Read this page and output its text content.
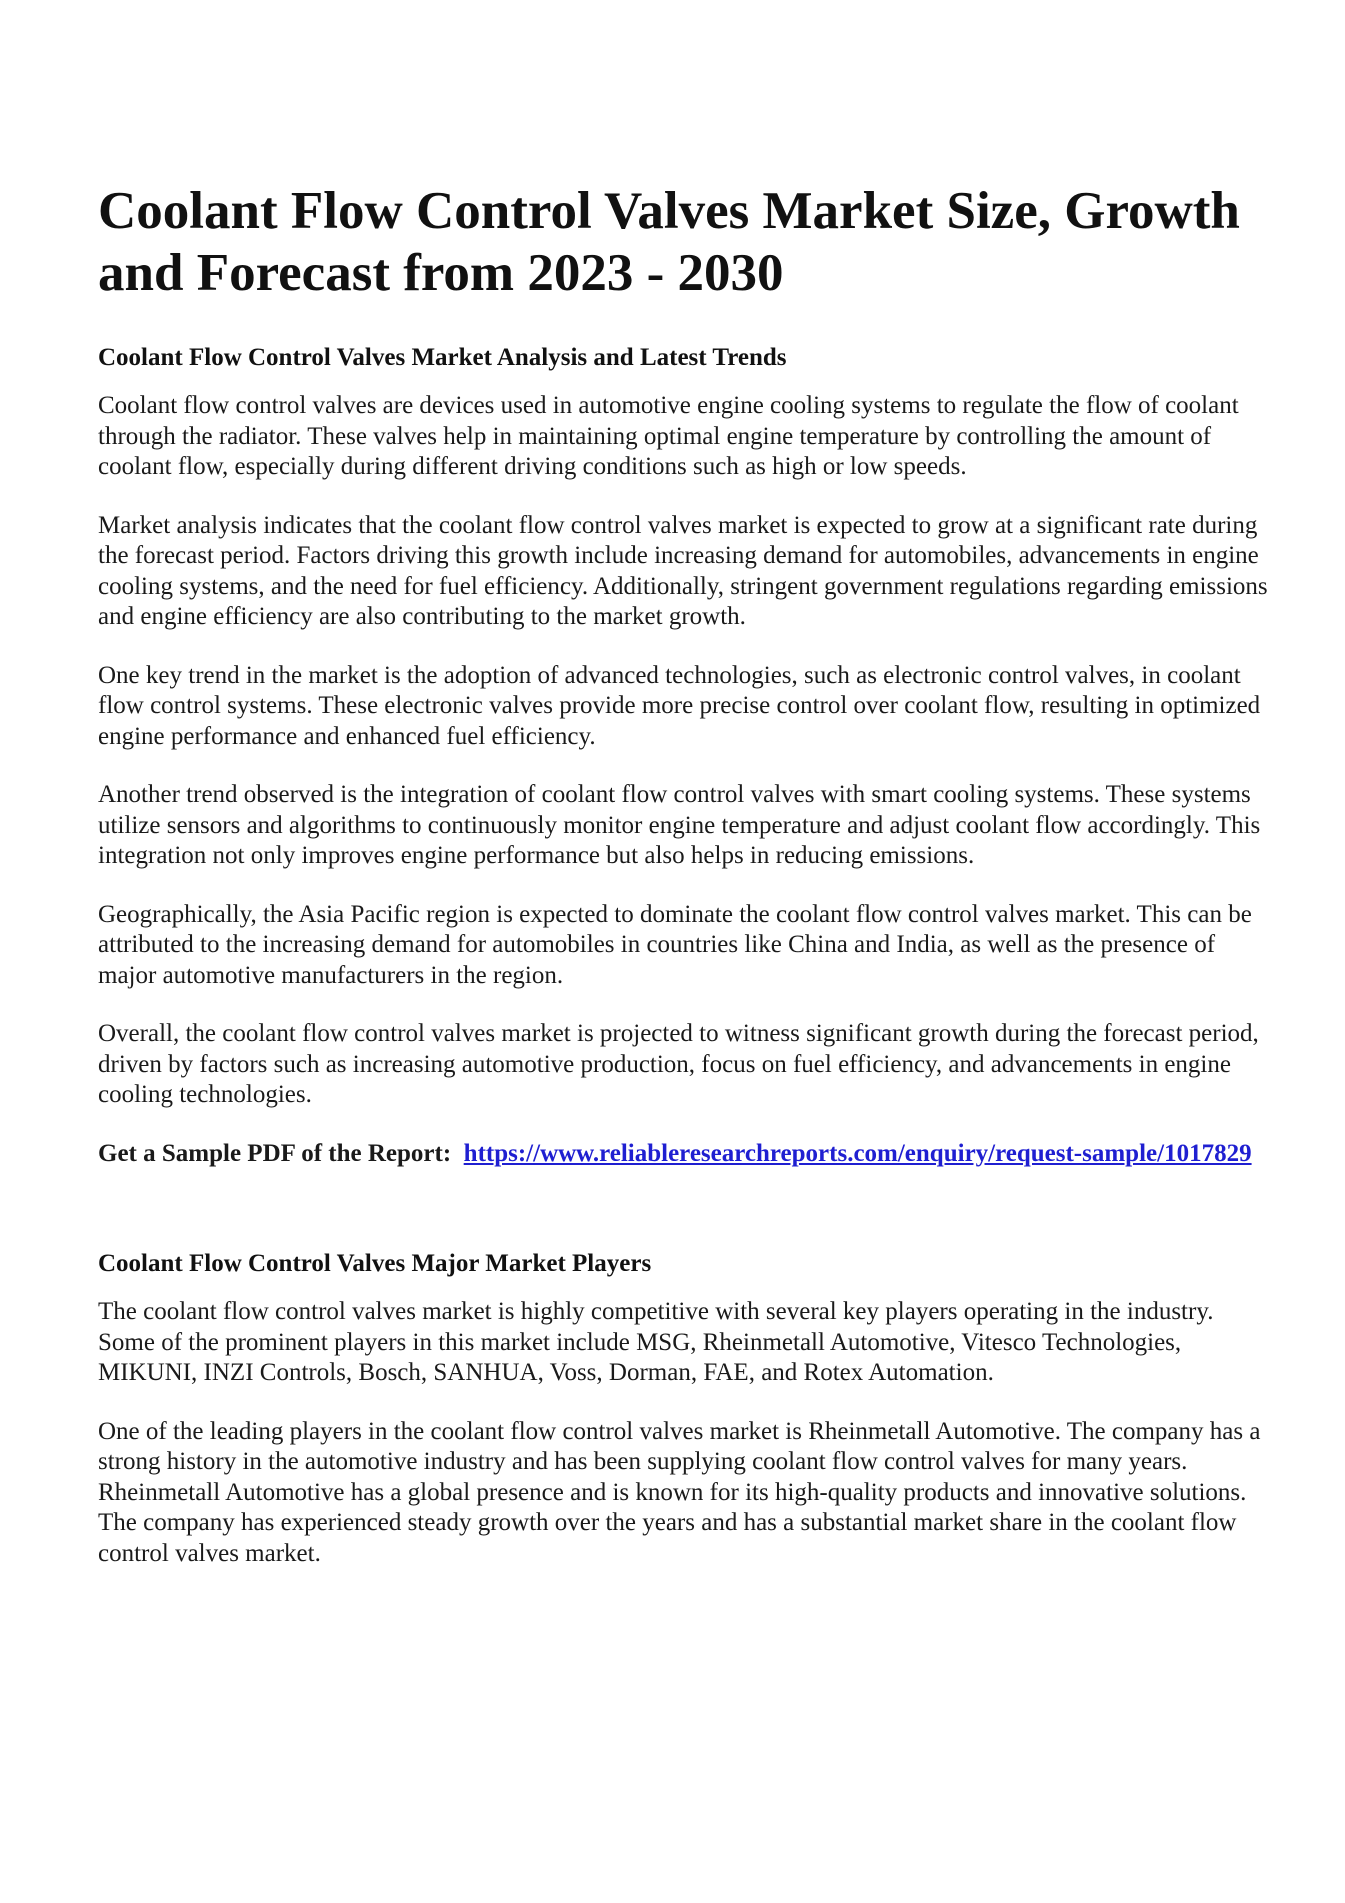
Coolant Flow Control Valves Market Size, Growth and Forecast from 2023 - 2030
Coolant Flow Control Valves Market Analysis and Latest Trends

Coolant flow control valves are devices used in automotive engine cooling systems to regulate the flow of coolant through the radiator. These valves help in maintaining optimal engine temperature by controlling the amount of coolant flow, especially during different driving conditions such as high or low speeds.

Market analysis indicates that the coolant flow control valves market is expected to grow at a significant rate during the forecast period. Factors driving this growth include increasing demand for automobiles, advancements in engine cooling systems, and the need for fuel efficiency. Additionally, stringent government regulations regarding emissions and engine efficiency are also contributing to the market growth.

One key trend in the market is the adoption of advanced technologies, such as electronic control valves, in coolant flow control systems. These electronic valves provide more precise control over coolant flow, resulting in optimized engine performance and enhanced fuel efficiency.

Another trend observed is the integration of coolant flow control valves with smart cooling systems. These systems utilize sensors and algorithms to continuously monitor engine temperature and adjust coolant flow accordingly. This integration not only improves engine performance but also helps in reducing emissions.

Geographically, the Asia Pacific region is expected to dominate the coolant flow control valves market. This can be attributed to the increasing demand for automobiles in countries like China and India, as well as the presence of major automotive manufacturers in the region.

Overall, the coolant flow control valves market is projected to witness significant growth during the forecast period, driven by factors such as increasing automotive production, focus on fuel efficiency, and advancements in engine cooling technologies.

Get a Sample PDF of the Report: https://www.reliableresearchreports.com/enquiry/request-sample/1017829

Coolant Flow Control Valves Major Market Players

The coolant flow control valves market is highly competitive with several key players operating in the industry. Some of the prominent players in this market include MSG, Rheinmetall Automotive, Vitesco Technologies, MIKUNI, INZI Controls, Bosch, SANHUA, Voss, Dorman, FAE, and Rotex Automation.

One of the leading players in the coolant flow control valves market is Rheinmetall Automotive. The company has a strong history in the automotive industry and has been supplying coolant flow control valves for many years. Rheinmetall Automotive has a global presence and is known for its high-quality products and innovative solutions. The company has experienced steady growth over the years and has a substantial market share in the coolant flow control valves market.
